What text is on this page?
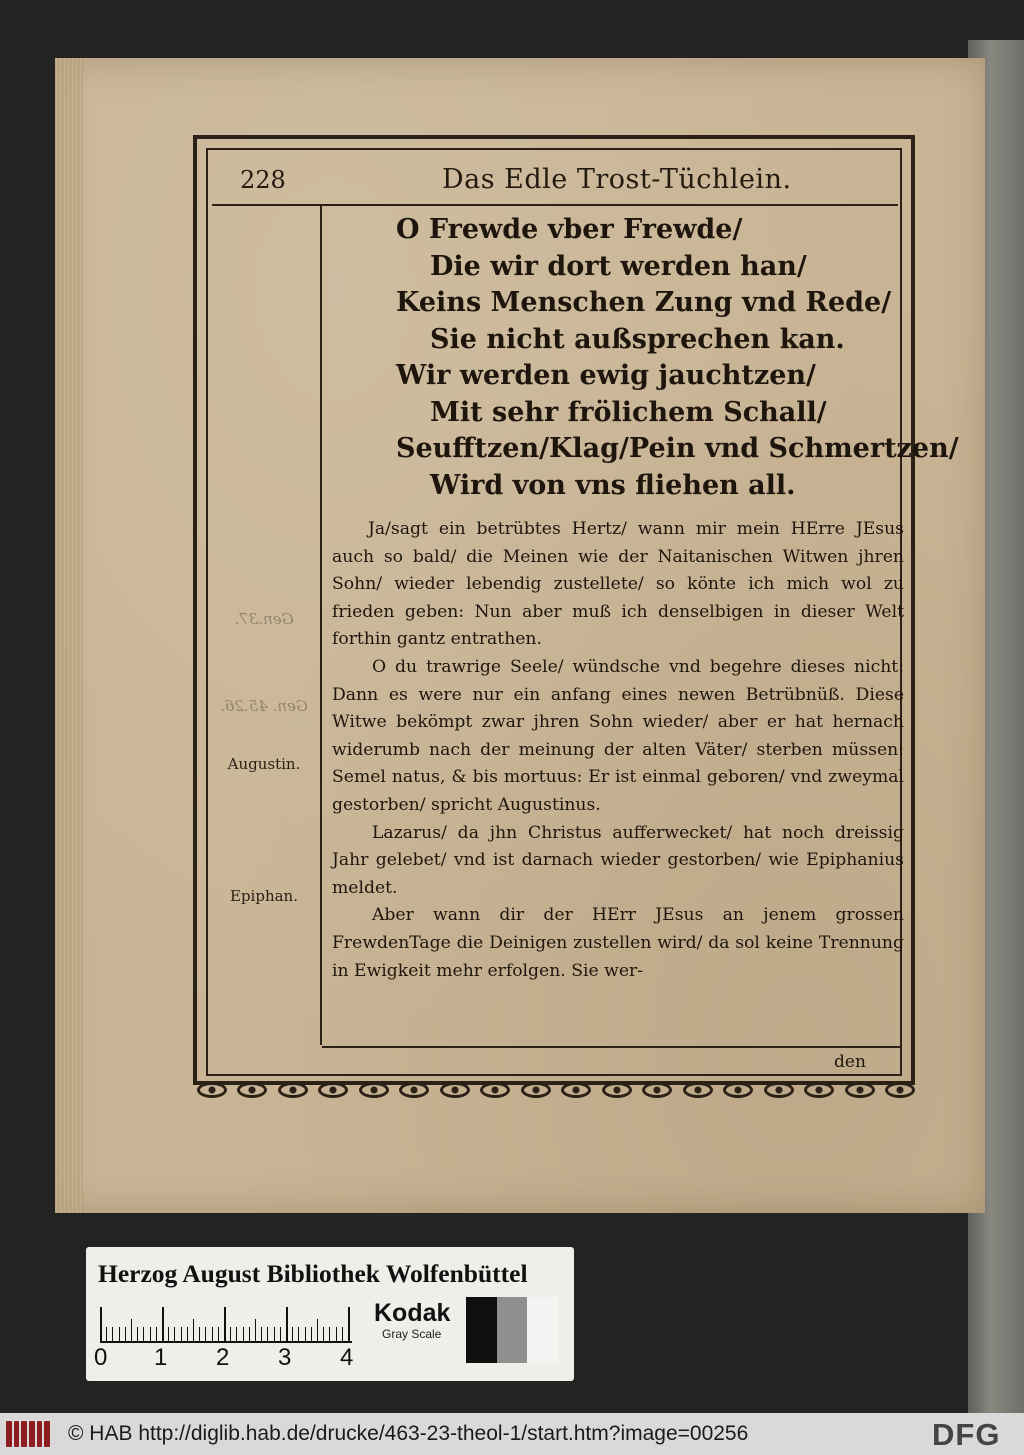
228	Das Edle Trost-Tüchlein.
Gen.37.
Gen. 45.26.
Augustin.
Epiphan.
O Frewde vber Frewde/
Die wir dort werden han/
Keins Menschen Zung vnd Rede/
Sie nicht außsprechen kan.
Wir werden ewig jauchtzen/
Mit sehr frölichem Schall/
Seufftzen/Klag/Pein vnd Schmertzen/
Wird von vns fliehen all.

Ja/sagt ein betrübtes Hertz/ wann mir mein HErre JEsus auch so bald/ die Meinen wie der Naitanischen Witwen jhren Sohn/ wieder lebendig zustellete/ so könte ich mich wol zu frieden geben: Nun aber muß ich denselbigen in dieser Welt forthin gantz entrathen.

O du trawrige Seele/ wündsche vnd begehre dieses nicht: Dann es were nur ein anfang eines newen Betrübnüß. Diese Witwe bekömpt zwar jhren Sohn wieder/ aber er hat hernach widerumb nach der meinung der alten Väter/ sterben müssen: Semel natus, & bis mortuus: Er ist einmal geboren/ vnd zweymal gestorben/ spricht Augustinus.

Lazarus/ da jhn Christus aufferwecket/ hat noch dreissig Jahr gelebet/ vnd ist darnach wieder gestorben/ wie Epiphanius meldet.

Aber wann dir der HErr JEsus an jenem grossen FrewdenTage die Deinigen zustellen wird/ da sol keine Trennung in Ewigkeit mehr erfolgen. Sie wer-

den
Herzog August Bibliothek Wolfenbüttel
0 1 2 3 4
Kodak
Gray Scale
© HAB http://diglib.hab.de/drucke/463-23-theol-1/start.htm?image=00256	DFG
